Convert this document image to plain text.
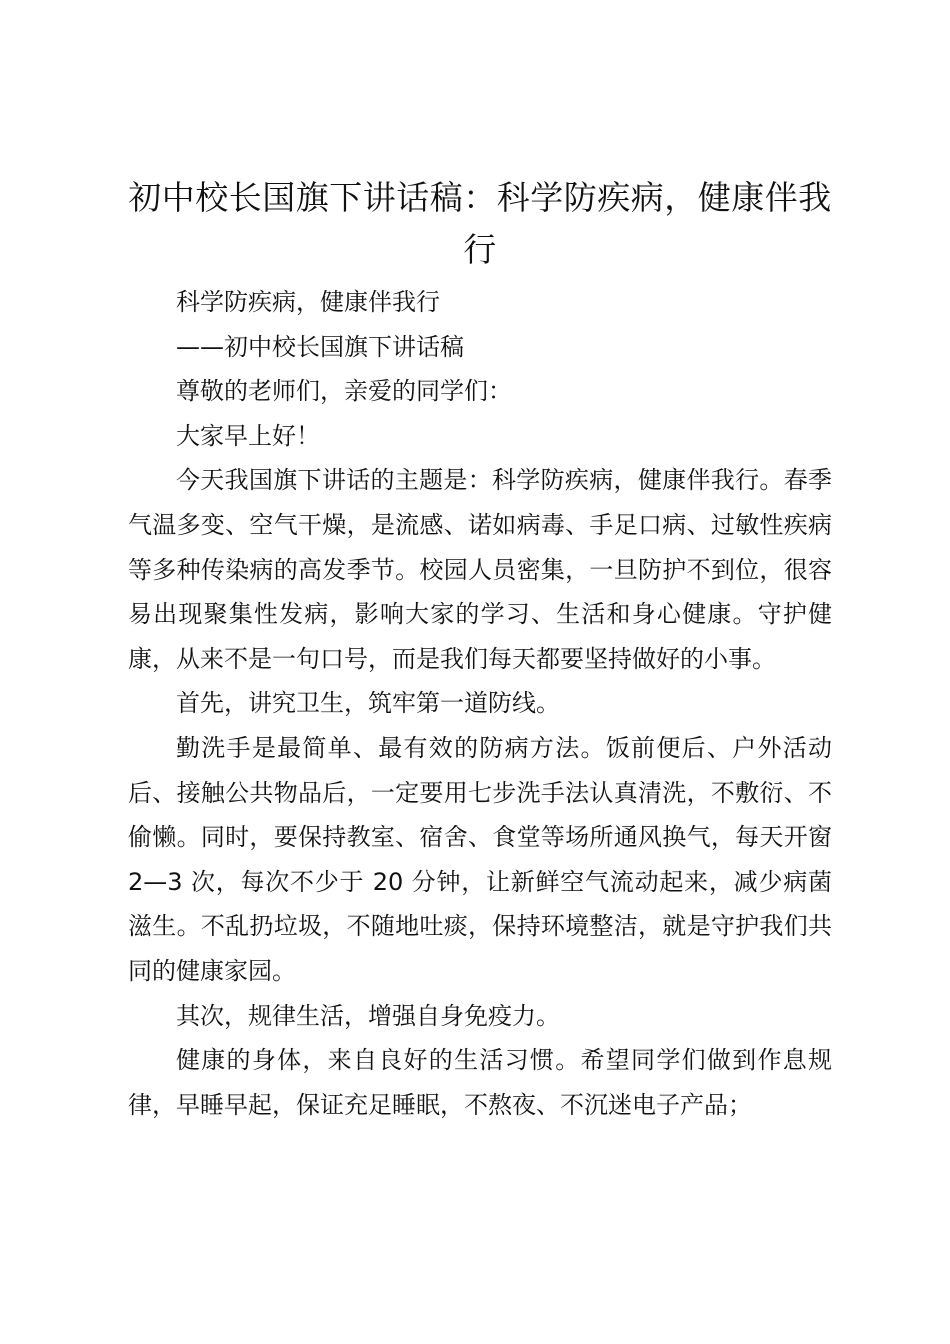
初中校长国旗下讲话稿：科学防疾病，健康伴我行

科学防疾病，健康伴我行

——初中校长国旗下讲话稿

尊敬的老师们，亲爱的同学们：

大家早上好！

今天我国旗下讲话的主题是：科学防疾病，健康伴我行。春季气温多变、空气干燥，是流感、诺如病毒、手足口病、过敏性疾病等多种传染病的高发季节。校园人员密集，一旦防护不到位，很容易出现聚集性发病，影响大家的学习、生活和身心健康。守护健康，从来不是一句口号，而是我们每天都要坚持做好的小事。

首先，讲究卫生，筑牢第一道防线。

勤洗手是最简单、最有效的防病方法。饭前便后、户外活动后、接触公共物品后，一定要用七步洗手法认真清洗，不敷衍、不偷懒。同时，要保持教室、宿舍、食堂等场所通风换气，每天开窗 2—3 次，每次不少于 20 分钟，让新鲜空气流动起来，减少病菌滋生。不乱扔垃圾，不随地吐痰，保持环境整洁，就是守护我们共同的健康家园。

其次，规律生活，增强自身免疫力。

健康的身体，来自良好的生活习惯。希望同学们做到作息规律，早睡早起，保证充足睡眠，不熬夜、不沉迷电子产品；
